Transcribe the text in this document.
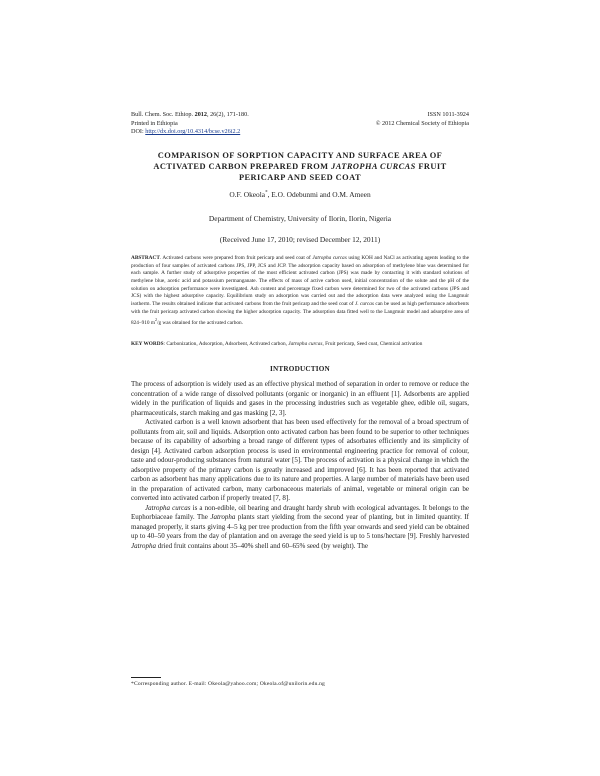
Bull. Chem. Soc. Ethiop. 2012, 26(2), 171-180.
Printed in Ethiopia
DOI: http://dx.doi.org/10.4314/bcse.v26i2.2
ISSN 1011-3924
© 2012 Chemical Society of Ethiopia
COMPARISON OF SORPTION CAPACITY AND SURFACE AREA OF ACTIVATED CARBON PREPARED FROM JATROPHA CURCAS FRUIT PERICARP AND SEED COAT
O.F. Okeola*, E.O. Odebunmi and O.M. Ameen
Department of Chemistry, University of Ilorin, Ilorin, Nigeria
(Received June 17, 2010; revised December 12, 2011)
ABSTRACT. Activated carbons were prepared from fruit pericarp and seed coat of Jatropha curcas using KOH and NaCl as activating agents leading to the production of four samples of activated carbons JPS, JPP, JCS and JCP. The adsorption capacity based on adsorption of methylene blue was determined for each sample. A further study of adsorptive properties of the most efficient activated carbon (JPS) was made by contacting it with standard solutions of methylene blue, acetic acid and potassium permanganate. The effects of mass of active carbon used, initial concentration of the solute and the pH of the solution on adsorption performance were investigated. Ash content and percentage fixed carbon were determined for two of the activated carbons (JPS and JCS) with the highest adsorptive capacity. Equilibrium study on adsorption was carried out and the adsorption data were analyzed using the Langmuir isotherm. The results obtained indicate that activated carbons from the fruit pericarp and the seed coat of J. curcas can be used as high performance adsorbents with the fruit pericarp activated carbon showing the higher adsorption capacity. The adsorption data fitted well to the Langmuir model and adsorptive area of 824–910 $m^2/g$ was obtained for the activated carbon.
KEY WORDS: Carbonization, Adsorption, Adsorbent, Activated carbon, Jatropha curcas, Fruit pericarp, Seed coat, Chemical activation
INTRODUCTION

The process of adsorption is widely used as an effective physical method of separation in order to remove or reduce the concentration of a wide range of dissolved pollutants (organic or inorganic) in an effluent [1]. Adsorbents are applied widely in the purification of liquids and gases in the processing industries such as vegetable ghee, edible oil, sugars, pharmaceuticals, starch making and gas masking [2, 3].

Activated carbon is a well known adsorbent that has been used effectively for the removal of a broad spectrum of pollutants from air, soil and liquids. Adsorption onto activated carbon has been found to be superior to other techniques because of its capability of adsorbing a broad range of different types of adsorbates efficiently and its simplicity of design [4]. Activated carbon adsorption process is used in environmental engineering practice for removal of colour, taste and odour-producing substances from natural water [5]. The process of activation is a physical change in which the adsorptive property of the primary carbon is greatly increased and improved [6]. It has been reported that activated carbon as adsorbent has many applications due to its nature and properties. A large number of materials have been used in the preparation of activated carbon, many carbonaceous materials of animal, vegetable or mineral origin can be converted into activated carbon if properly treated [7, 8].

Jatropha curcas is a non-edible, oil bearing and draught hardy shrub with ecological advantages. It belongs to the Euphorbiaceae family. The Jatropha plants start yielding from the second year of planting, but in limited quantity. If managed properly, it starts giving 4–5 kg per tree production from the fifth year onwards and seed yield can be obtained up to 40–50 years from the day of plantation and on average the seed yield is up to 5 tons/hectare [9]. Freshly harvested Jatropha dried fruit contains about 35–40% shell and 60–65% seed (by weight). The

*Corresponding author. E-mail: Okeola@yahoo.com; Okeola.of@unilorin.edu.ng
